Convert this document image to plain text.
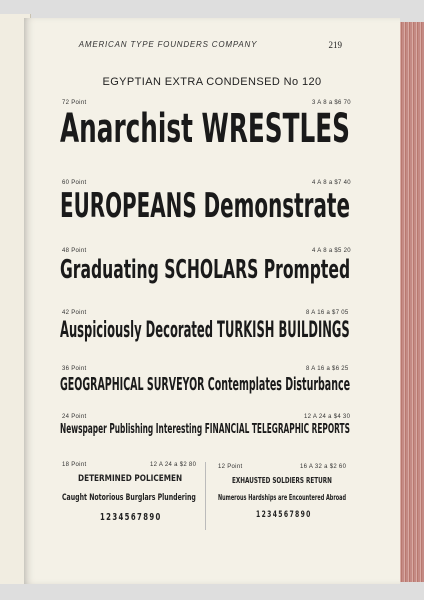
AMERICAN TYPE FOUNDERS COMPANY	219
EGYPTIAN EXTRA CONDENSED No 120
72 Point	3 A 8 a $6 70
Anarchist WRESTLES
60 Point	4 A 8 a $7 40
EUROPEANS Demonstrate
48 Point	4 A 8 a $5 20
Graduating SCHOLARS Prompted
42 Point	8 A 16 a $7 05
Auspiciously Decorated TURKISH BUILDINGS
36 Point	8 A 16 a $6 25
GEOGRAPHICAL SURVEYOR Contemplates Disturbance
24 Point	12 A 24 a $4 30
Newspaper Publishing Interesting FINANCIAL TELEGRAPHIC REPORTS
18 Point	12 A 24 a $2 80
DETERMINED POLICEMEN
Caught Notorious Burglars Plundering
1234567890
12 Point	16 A 32 a $2 60
EXHAUSTED SOLDIERS RETURN
Numerous Hardships are Encountered Abroad
1234567890
